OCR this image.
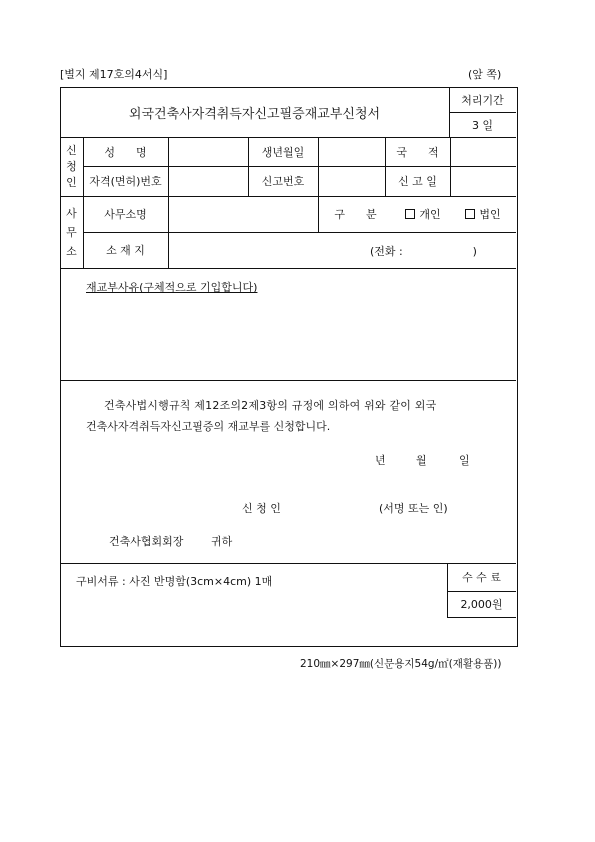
[별지 제17호의4서식]	(앞 쪽)
외국건축사자격취득자신고필증재교부신청서
처리기간
3 일
신
청
인
성      명	생년월일	국      적
자격(면허)번호	신고번호	신 고 일
사
무
소
사무소명	구      분	개인	법인
소 재 지	(전화 :                    )
재교부사유(구체적으로 기입합니다)
건축사법시행규칙 제12조의2제3항의 규정에 의하여 위와 같이 외국
건축사자격취득자신고필증의 재교부를 신청합니다.
년	월	일
신 청 인	(서명 또는 인)
건축사협회회장	귀하
구비서류 : 사진 반명함(3cm×4cm) 1매	수 수 료
2,000원
210㎜×297㎜(신문용지54g/㎡(재활용품))
